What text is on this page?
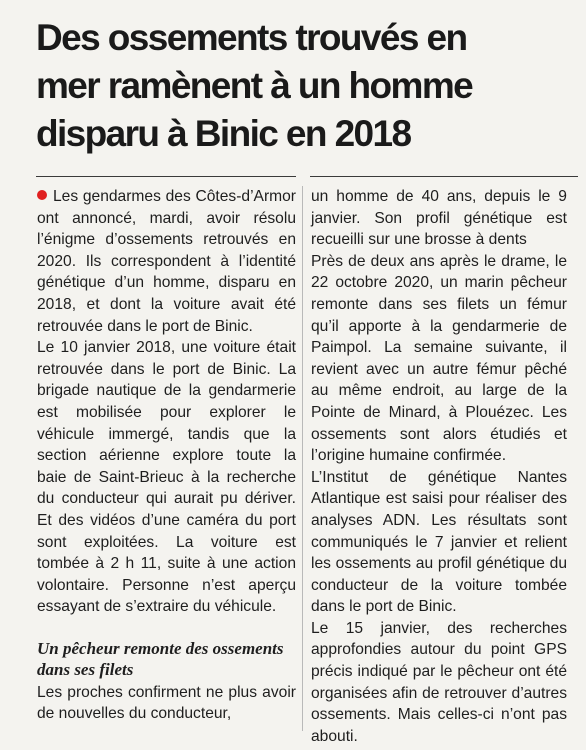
Des ossements trouvés en
mer ramènent à un homme
disparu à Binic en 2018

Les gendarmes des Côtes-d’Armor ont annoncé, mardi, avoir résolu l’énigme d’ossements retrouvés en 2020. Ils correspondent à l’identité génétique d’un homme, disparu en 2018, et dont la voiture avait été retrouvée dans le port de Binic.

Le 10 janvier 2018, une voiture était retrouvée dans le port de Binic. La brigade nautique de la gendarmerie est mobilisée pour explorer le véhicule immergé, tandis que la section aérienne explore toute la baie de Saint-Brieuc à la recherche du conducteur qui aurait pu dériver. Et des vidéos d’une caméra du port sont exploitées. La voiture est tombée à 2 h 11, suite à une action volontaire. Personne n’est aperçu essayant de s’extraire du véhicule.

Un pêcheur remonte des ossements dans ses filets

Les proches confirment ne plus avoir de nouvelles du conducteur,

un homme de 40 ans, depuis le 9 janvier. Son profil génétique est recueilli sur une brosse à dents

Près de deux ans après le drame, le 22 octobre 2020, un marin pêcheur remonte dans ses filets un fémur qu’il apporte à la gendarmerie de Paimpol. La semaine suivante, il revient avec un autre fémur pêché au même endroit, au large de la Pointe de Minard, à Plouézec. Les ossements sont alors étudiés et l’origine humaine confirmée.

L’Institut de génétique Nantes Atlantique est saisi pour réaliser des analyses ADN. Les résultats sont communiqués le 7 janvier et relient les ossements au profil génétique du conducteur de la voiture tombée dans le port de Binic.

Le 15 janvier, des recherches approfondies autour du point GPS précis indiqué par le pêcheur ont été organisées afin de retrouver d’autres ossements. Mais celles-ci n’ont pas abouti.
